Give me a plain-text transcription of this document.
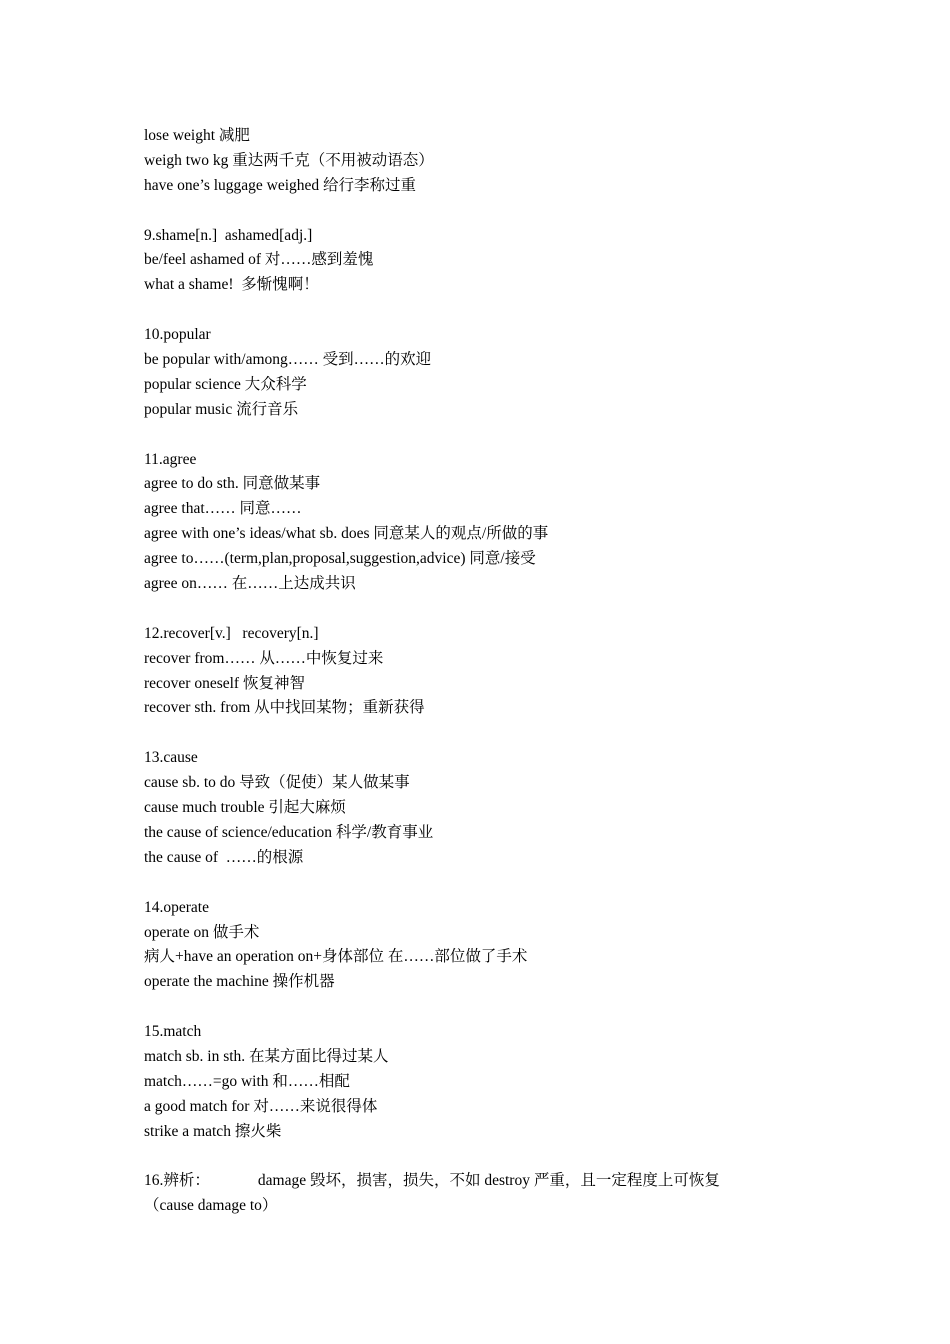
lose weight 减肥
weigh two kg 重达两千克（不用被动语态）
have one’s luggage weighed 给行李称过重
9.shame[n.]  ashamed[adj.]
be/feel ashamed of 对……感到羞愧
what a shame!  多惭愧啊！
10.popular
be popular with/among…… 受到……的欢迎
popular science 大众科学
popular music 流行音乐
11.agree
agree to do sth. 同意做某事
agree that…… 同意……
agree with one’s ideas/what sb. does 同意某人的观点/所做的事
agree to……(term,plan,proposal,suggestion,advice) 同意/接受
agree on…… 在……上达成共识
12.recover[v.]   recovery[n.]
recover from…… 从……中恢复过来
recover oneself 恢复神智
recover sth. from 从中找回某物；重新获得
13.cause
cause sb. to do 导致（促使）某人做某事
cause much trouble 引起大麻烦
the cause of science/education 科学/教育事业
the cause of  ……的根源
14.operate
operate on 做手术
病人+have an operation on+身体部位 在……部位做了手术
operate the machine 操作机器
15.match
match sb. in sth. 在某方面比得过某人
match……=go with 和……相配
a good match for 对……来说很得体
strike a match 擦火柴
16.辨析：	damage 毁坏，损害，损失，不如 destroy 严重，且一定程度上可恢复
（cause damage to）
